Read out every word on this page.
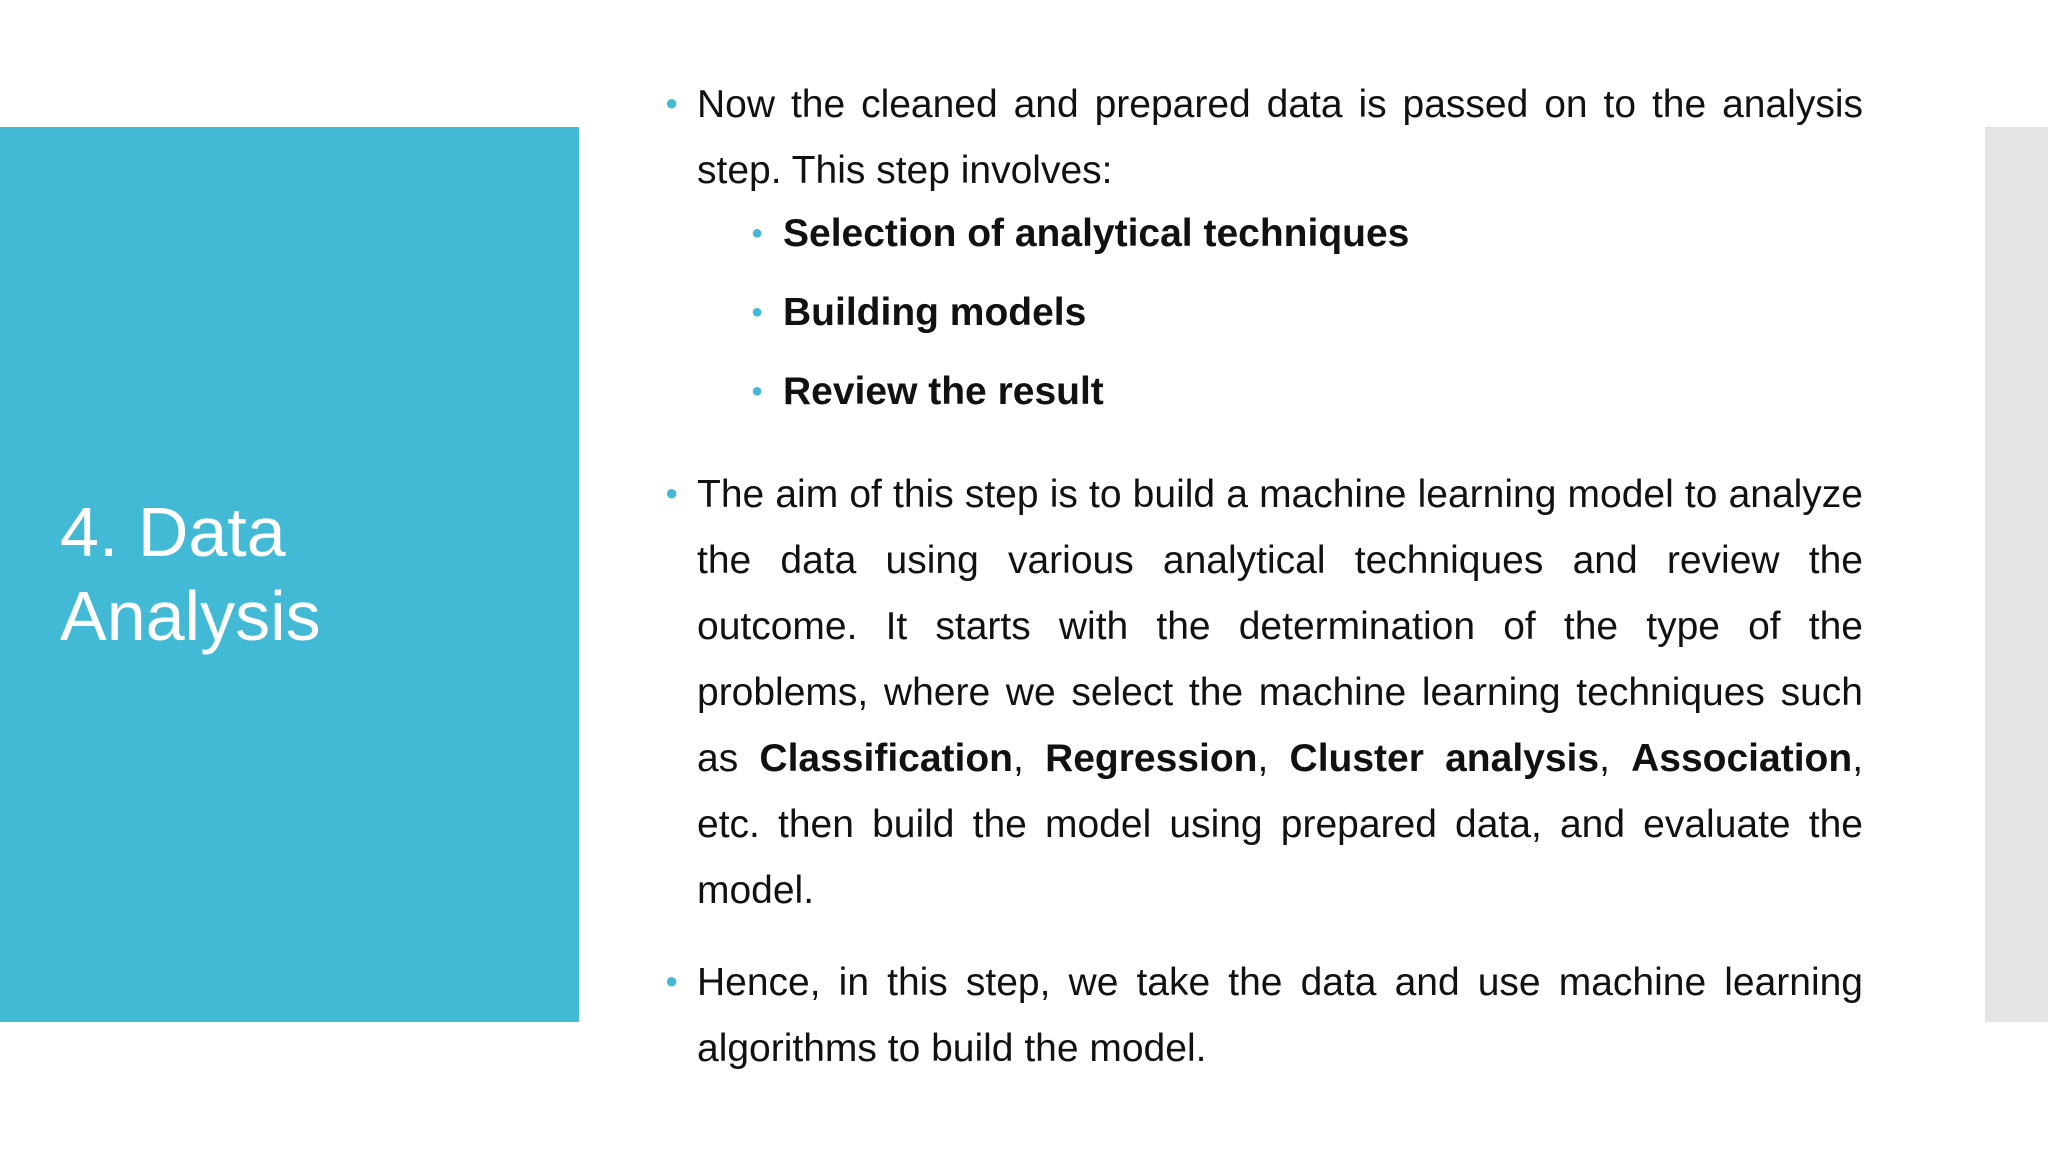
4. Data
Analysis
● Now the cleaned and prepared data is passed on to the analysis step. This step involves:
● Selection of analytical techniques
● Building models
● Review the result
● The aim of this step is to build a machine learning model to analyze the data using various analytical techniques and review the outcome. It starts with the determination of the type of the problems, where we select the machine learning techniques such as Classification, Regression, Cluster analysis, Association, etc. then build the model using prepared data, and evaluate the model.
● Hence, in this step, we take the data and use machine learning algorithms to build the model.
